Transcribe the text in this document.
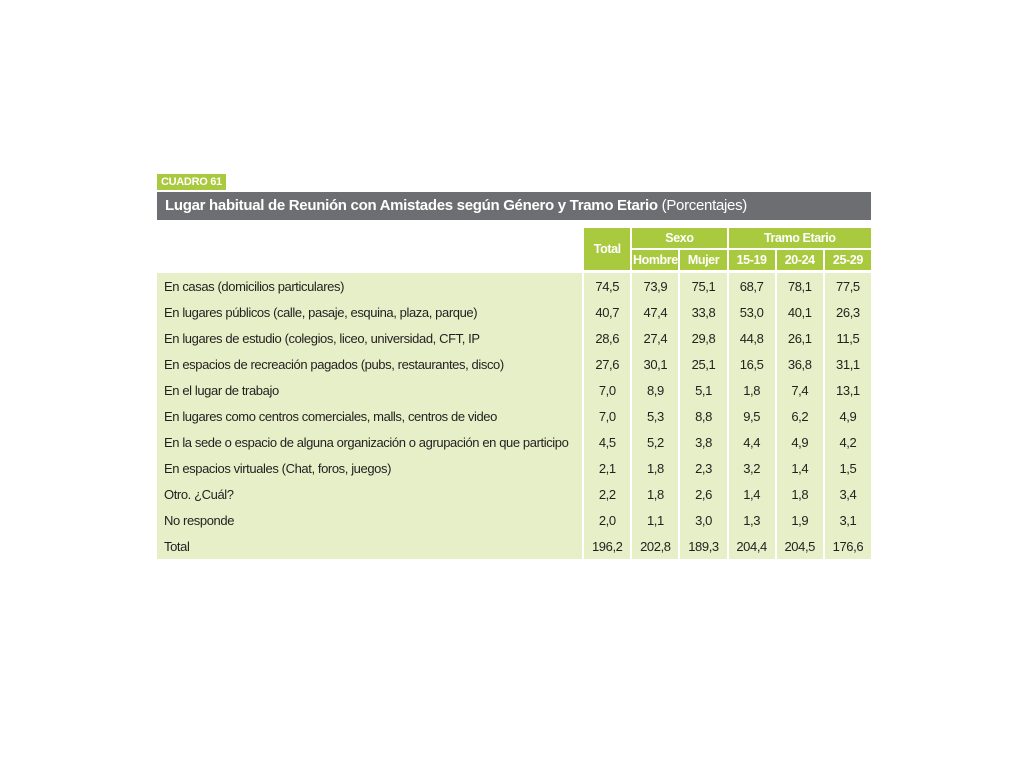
CUADRO 61
Lugar habitual de Reunión con Amistades según Género y Tramo Etario (Porcentajes)
	Total	Sexo		Tramo Etario		
		Hombre	Mujer	15-19	20-24	25-29
En casas (domicilios particulares)	74,5	73,9	75,1	68,7	78,1	77,5
En lugares públicos (calle, pasaje, esquina, plaza, parque)	40,7	47,4	33,8	53,0	40,1	26,3
En lugares de estudio (colegios, liceo, universidad, CFT, IP	28,6	27,4	29,8	44,8	26,1	11,5
En espacios de recreación pagados (pubs, restaurantes, disco)	27,6	30,1	25,1	16,5	36,8	31,1
En el lugar de trabajo	7,0	8,9	5,1	1,8	7,4	13,1
En lugares como centros comerciales, malls, centros de video	7,0	5,3	8,8	9,5	6,2	4,9
En la sede o espacio de alguna organización o agrupación en que participo	4,5	5,2	3,8	4,4	4,9	4,2
En espacios virtuales (Chat, foros, juegos)	2,1	1,8	2,3	3,2	1,4	1,5
Otro. ¿Cuál?	2,2	1,8	2,6	1,4	1,8	3,4
No responde	2,0	1,1	3,0	1,3	1,9	3,1
Total	196,2	202,8	189,3	204,4	204,5	176,6
